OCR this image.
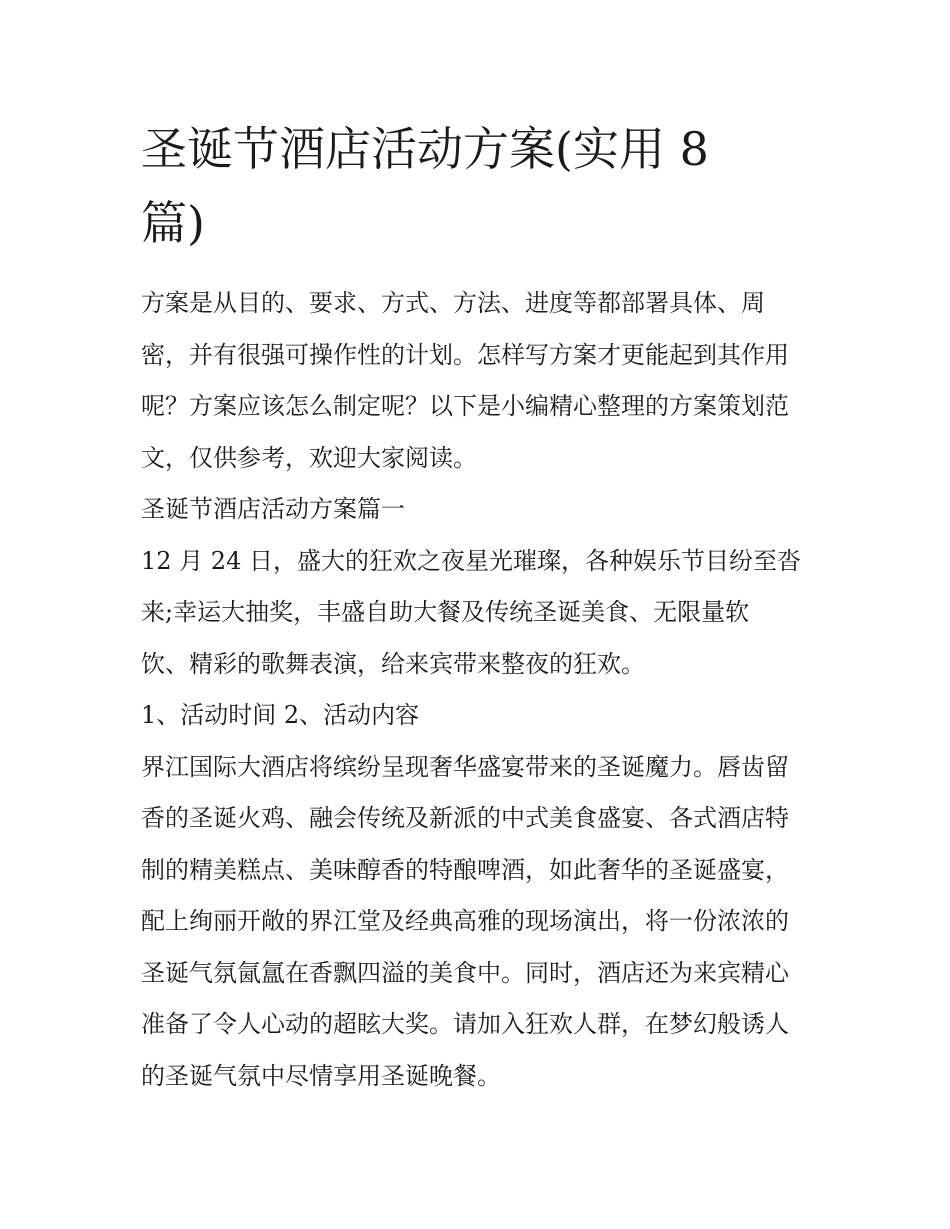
圣诞节酒店活动方案(实用 8
篇)
方案是从目的、要求、方式、方法、进度等都部署具体、周
密，并有很强可操作性的计划。怎样写方案才更能起到其作用
呢？方案应该怎么制定呢？以下是小编精心整理的方案策划范
文，仅供参考，欢迎大家阅读。
圣诞节酒店活动方案篇一
12 月 24 日，盛大的狂欢之夜星光璀璨，各种娱乐节目纷至沓
来;幸运大抽奖，丰盛自助大餐及传统圣诞美食、无限量软
饮、精彩的歌舞表演，给来宾带来整夜的狂欢。
1、活动时间 2、活动内容
界江国际大酒店将缤纷呈现奢华盛宴带来的圣诞魔力。唇齿留
香的圣诞火鸡、融会传统及新派的中式美食盛宴、各式酒店特
制的精美糕点、美味醇香的特酿啤酒，如此奢华的圣诞盛宴，
配上绚丽开敞的界江堂及经典高雅的现场演出，将一份浓浓的
圣诞气氛氤氲在香飘四溢的美食中。同时，酒店还为来宾精心
准备了令人心动的超眩大奖。请加入狂欢人群，在梦幻般诱人
的圣诞气氛中尽情享用圣诞晚餐。
